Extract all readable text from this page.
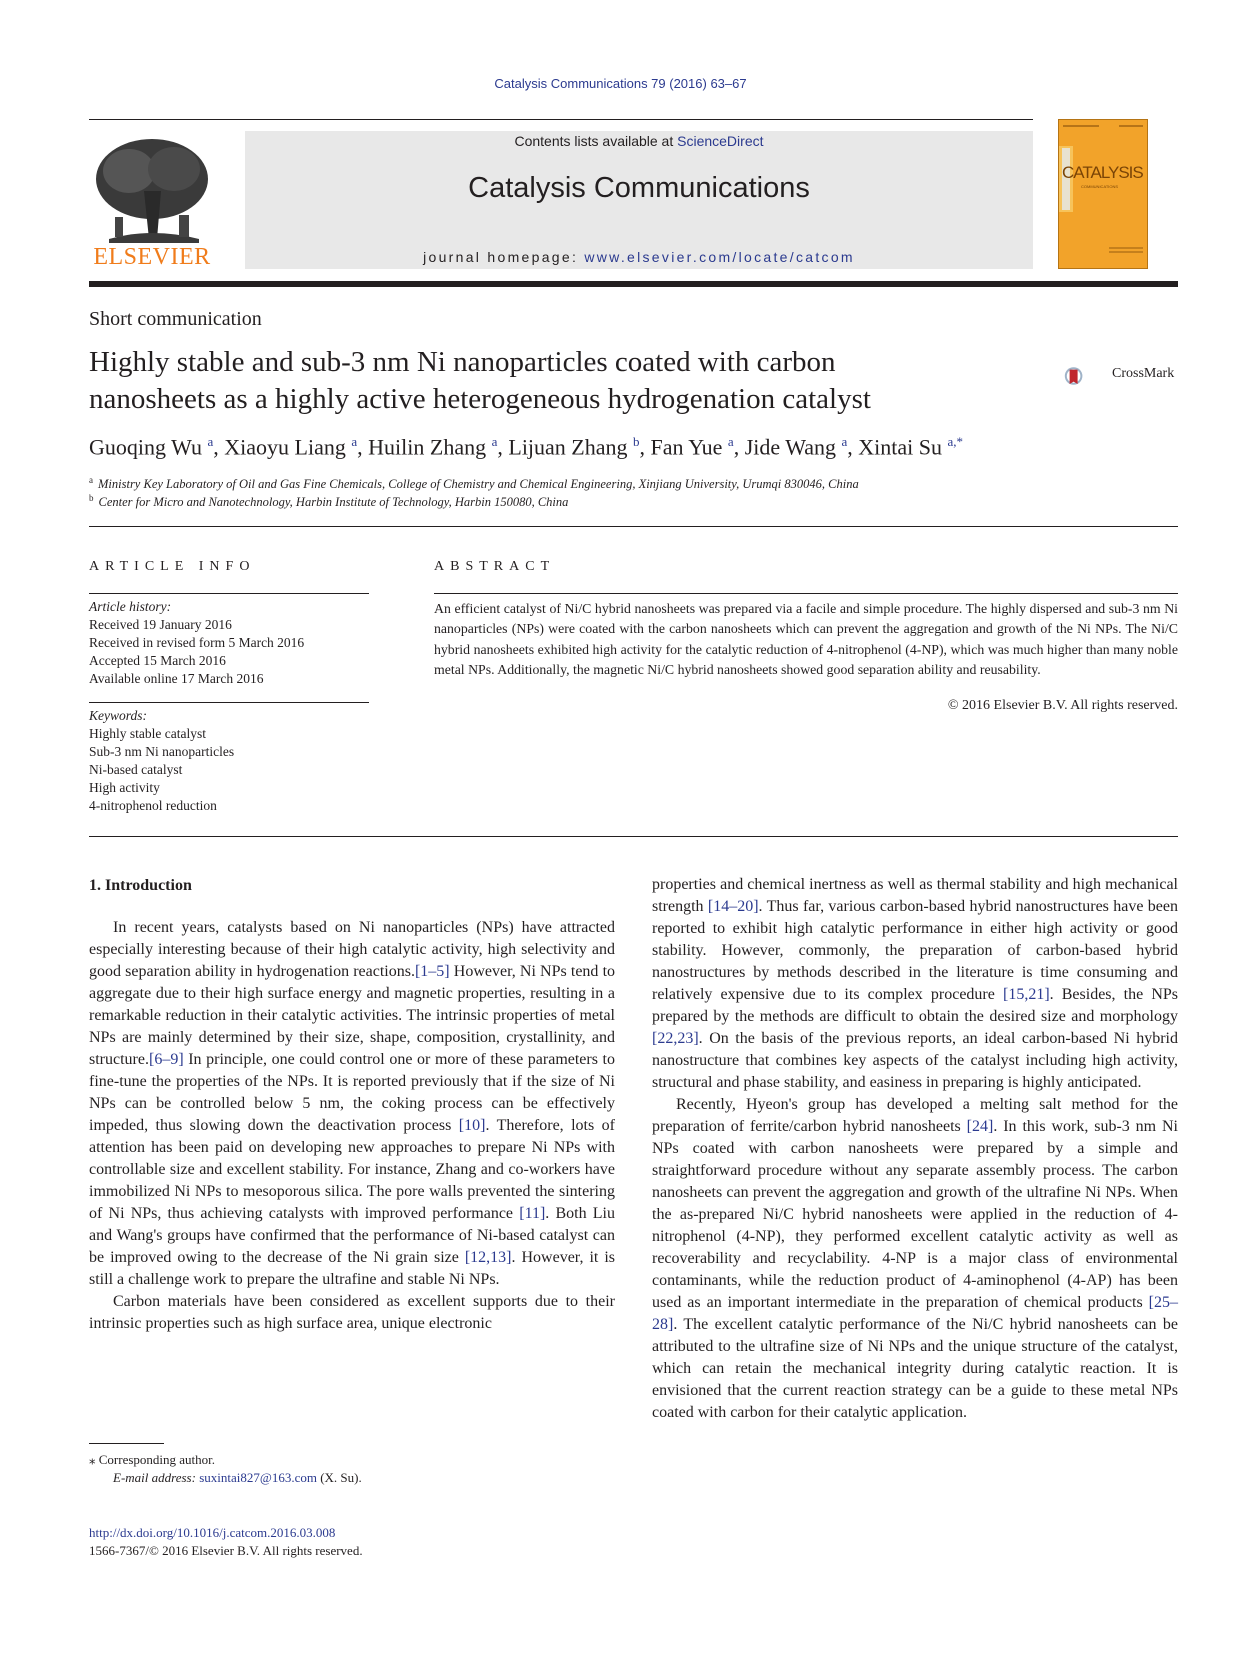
Catalysis Communications 79 (2016) 63–67
ELSEVIER
Contents lists available at ScienceDirect
Catalysis Communications
journal homepage: www.elsevier.com/locate/catcom
CATALYSIS
COMMUNICATIONS
Short communication
Highly stable and sub-3 nm Ni nanoparticles coated with carbon
nanosheets as a highly active heterogeneous hydrogenation catalyst
CrossMark
Guoqing Wu $^a$, Xiaoyu Liang $^a$, Huilin Zhang $^a$, Lijuan Zhang $^b$, Fan Yue $^a$, Jide Wang $^a$, Xintai Su $^{a,*}$
$^a$ Ministry Key Laboratory of Oil and Gas Fine Chemicals, College of Chemistry and Chemical Engineering, Xinjiang University, Urumqi 830046, China
$^b$ Center for Micro and Nanotechnology, Harbin Institute of Technology, Harbin 150080, China
ARTICLE INFO	ABSTRACT
Article history:
Received 19 January 2016
Received in revised form 5 March 2016
Accepted 15 March 2016
Available online 17 March 2016
Keywords:
Highly stable catalyst
Sub-3 nm Ni nanoparticles
Ni-based catalyst
High activity
4-nitrophenol reduction
An efficient catalyst of Ni/C hybrid nanosheets was prepared via a facile and simple procedure. The highly dispersed and sub-3 nm Ni nanoparticles (NPs) were coated with the carbon nanosheets which can prevent the aggregation and growth of the Ni NPs. The Ni/C hybrid nanosheets exhibited high activity for the catalytic reduction of 4-nitrophenol (4-NP), which was much higher than many noble metal NPs. Additionally, the magnetic Ni/C hybrid nanosheets showed good separation ability and reusability.
© 2016 Elsevier B.V. All rights reserved.
1. Introduction

In recent years, catalysts based on Ni nanoparticles (NPs) have attracted especially interesting because of their high catalytic activity, high selectivity and good separation ability in hydrogenation reactions.[1–5] However, Ni NPs tend to aggregate due to their high surface energy and magnetic properties, resulting in a remarkable reduction in their catalytic activities. The intrinsic properties of metal NPs are mainly determined by their size, shape, composition, crystallinity, and structure.[6–9] In principle, one could control one or more of these parameters to fine-tune the properties of the NPs. It is reported previously that if the size of Ni NPs can be controlled below 5 nm, the coking process can be effectively impeded, thus slowing down the deactivation process [10]. Therefore, lots of attention has been paid on developing new approaches to prepare Ni NPs with controllable size and excellent stability. For instance, Zhang and co-workers have immobilized Ni NPs to mesoporous silica. The pore walls prevented the sintering of Ni NPs, thus achieving catalysts with improved performance [11]. Both Liu and Wang's groups have confirmed that the performance of Ni-based catalyst can be improved owing to the decrease of the Ni grain size [12,13]. However, it is still a challenge work to prepare the ultrafine and stable Ni NPs.

Carbon materials have been considered as excellent supports due to their intrinsic properties such as high surface area, unique electronic

properties and chemical inertness as well as thermal stability and high mechanical strength [14–20]. Thus far, various carbon-based hybrid nanostructures have been reported to exhibit high catalytic performance in either high activity or good stability. However, commonly, the preparation of carbon-based hybrid nanostructures by methods described in the literature is time consuming and relatively expensive due to its complex procedure [15,21]. Besides, the NPs prepared by the methods are difficult to obtain the desired size and morphology [22,23]. On the basis of the previous reports, an ideal carbon-based Ni hybrid nanostructure that combines key aspects of the catalyst including high activity, structural and phase stability, and easiness in preparing is highly anticipated.

Recently, Hyeon's group has developed a melting salt method for the preparation of ferrite/carbon hybrid nanosheets [24]. In this work, sub-3 nm Ni NPs coated with carbon nanosheets were prepared by a simple and straightforward procedure without any separate assembly process. The carbon nanosheets can prevent the aggregation and growth of the ultrafine Ni NPs. When the as-prepared Ni/C hybrid nanosheets were applied in the reduction of 4-nitrophenol (4-NP), they performed excellent catalytic activity as well as recoverability and recyclability. 4-NP is a major class of environmental contaminants, while the reduction product of 4-aminophenol (4-AP) has been used as an important intermediate in the preparation of chemical products [25–28]. The excellent catalytic performance of the Ni/C hybrid nanosheets can be attributed to the ultrafine size of Ni NPs and the unique structure of the catalyst, which can retain the mechanical integrity during catalytic reaction. It is envisioned that the current reaction strategy can be a guide to these metal NPs coated with carbon for their catalytic application.

⁎ Corresponding author.
E-mail address: suxintai827@163.com (X. Su).
http://dx.doi.org/10.1016/j.catcom.2016.03.008
1566-7367/© 2016 Elsevier B.V. All rights reserved.
